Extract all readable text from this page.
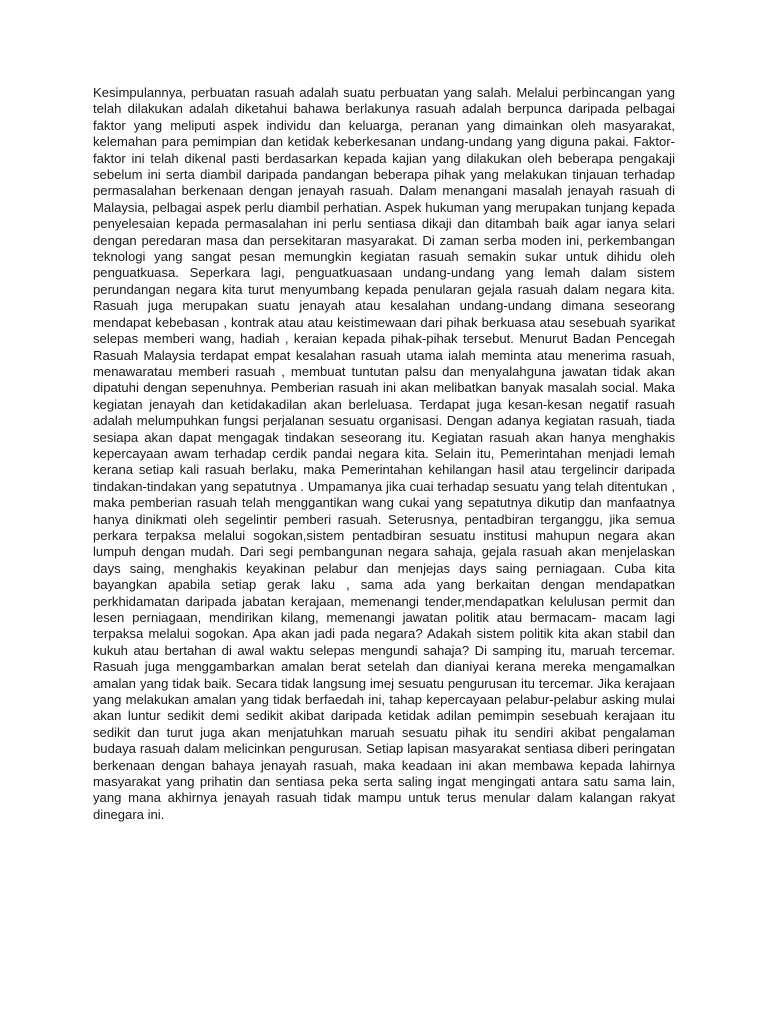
Kesimpulannya, perbuatan rasuah adalah suatu perbuatan yang salah. Melalui perbincangan yang telah dilakukan adalah diketahui bahawa berlakunya rasuah adalah berpunca daripada pelbagai faktor yang meliputi aspek individu dan keluarga, peranan yang dimainkan oleh masyarakat, kelemahan para pemimpian dan ketidak keberkesanan undang-undang yang diguna pakai. Faktor-faktor ini telah dikenal pasti berdasarkan kepada kajian yang dilakukan oleh beberapa pengakaji sebelum ini serta diambil daripada pandangan beberapa pihak yang melakukan tinjauan terhadap permasalahan berkenaan dengan jenayah rasuah. Dalam menangani masalah jenayah rasuah di Malaysia, pelbagai aspek perlu diambil perhatian. Aspek hukuman yang merupakan tunjang kepada penyelesaian kepada permasalahan ini perlu sentiasa dikaji dan ditambah baik agar ianya selari dengan peredaran masa dan persekitaran masyarakat. Di zaman serba moden ini, perkembangan teknologi yang sangat pesan memungkin kegiatan rasuah semakin sukar untuk dihidu oleh penguatkuasa. Seperkara lagi, penguatkuasaan undang-undang yang lemah dalam sistem perundangan negara kita turut menyumbang kepada penularan gejala rasuah dalam negara kita. Rasuah juga merupakan suatu jenayah atau kesalahan undang-undang dimana seseorang mendapat kebebasan , kontrak atau atau keistimewaan dari pihak berkuasa atau sesebuah syarikat selepas memberi wang, hadiah , keraian kepada pihak-pihak tersebut. Menurut Badan Pencegah Rasuah Malaysia terdapat empat kesalahan rasuah utama ialah meminta atau menerima rasuah, menawaratau memberi rasuah , membuat tuntutan palsu dan menyalahguna jawatan tidak akan dipatuhi dengan sepenuhnya. Pemberian rasuah ini akan melibatkan banyak masalah social. Maka kegiatan jenayah dan ketidakadilan akan berleluasa. Terdapat juga kesan-kesan negatif rasuah adalah melumpuhkan fungsi perjalanan sesuatu organisasi. Dengan adanya kegiatan rasuah, tiada sesiapa akan dapat mengagak tindakan seseorang itu. Kegiatan rasuah akan hanya menghakis kepercayaan awam terhadap cerdik pandai negara kita. Selain itu, Pemerintahan menjadi lemah kerana setiap kali rasuah berlaku, maka Pemerintahan kehilangan hasil atau tergelincir daripada tindakan-tindakan yang sepatutnya . Umpamanya jika cuai terhadap sesuatu yang telah ditentukan , maka pemberian rasuah telah menggantikan wang cukai yang sepatutnya dikutip dan manfaatnya hanya dinikmati oleh segelintir pemberi rasuah. Seterusnya, pentadbiran terganggu, jika semua perkara terpaksa melalui sogokan,sistem pentadbiran sesuatu institusi mahupun negara akan lumpuh dengan mudah. Dari segi pembangunan negara sahaja, gejala rasuah akan menjelaskan days saing, menghakis keyakinan pelabur dan menjejas days saing perniagaan. Cuba kita bayangkan apabila setiap gerak laku , sama ada yang berkaitan dengan mendapatkan perkhidamatan daripada jabatan kerajaan, memenangi tender,mendapatkan kelulusan permit dan lesen perniagaan, mendirikan kilang, memenangi jawatan politik atau bermacam- macam lagi terpaksa melalui sogokan. Apa akan jadi pada negara? Adakah sistem politik kita akan stabil dan kukuh atau bertahan di awal waktu selepas mengundi sahaja? Di samping itu, maruah tercemar. Rasuah juga menggambarkan amalan berat setelah dan dianiyai kerana mereka mengamalkan amalan yang tidak baik. Secara tidak langsung imej sesuatu pengurusan itu tercemar. Jika kerajaan yang melakukan amalan yang tidak berfaedah ini, tahap kepercayaan pelabur-pelabur asking mulai akan luntur sedikit demi sedikit akibat daripada ketidak adilan pemimpin sesebuah kerajaan itu sedikit dan turut juga akan menjatuhkan maruah sesuatu pihak itu sendiri akibat pengalaman budaya rasuah dalam melicinkan pengurusan. Setiap lapisan masyarakat sentiasa diberi peringatan berkenaan dengan bahaya jenayah rasuah, maka keadaan ini akan membawa kepada lahirnya masyarakat yang prihatin dan sentiasa peka serta saling ingat mengingati antara satu sama lain, yang mana akhirnya jenayah rasuah tidak mampu untuk terus menular dalam kalangan rakyat dinegara ini.
